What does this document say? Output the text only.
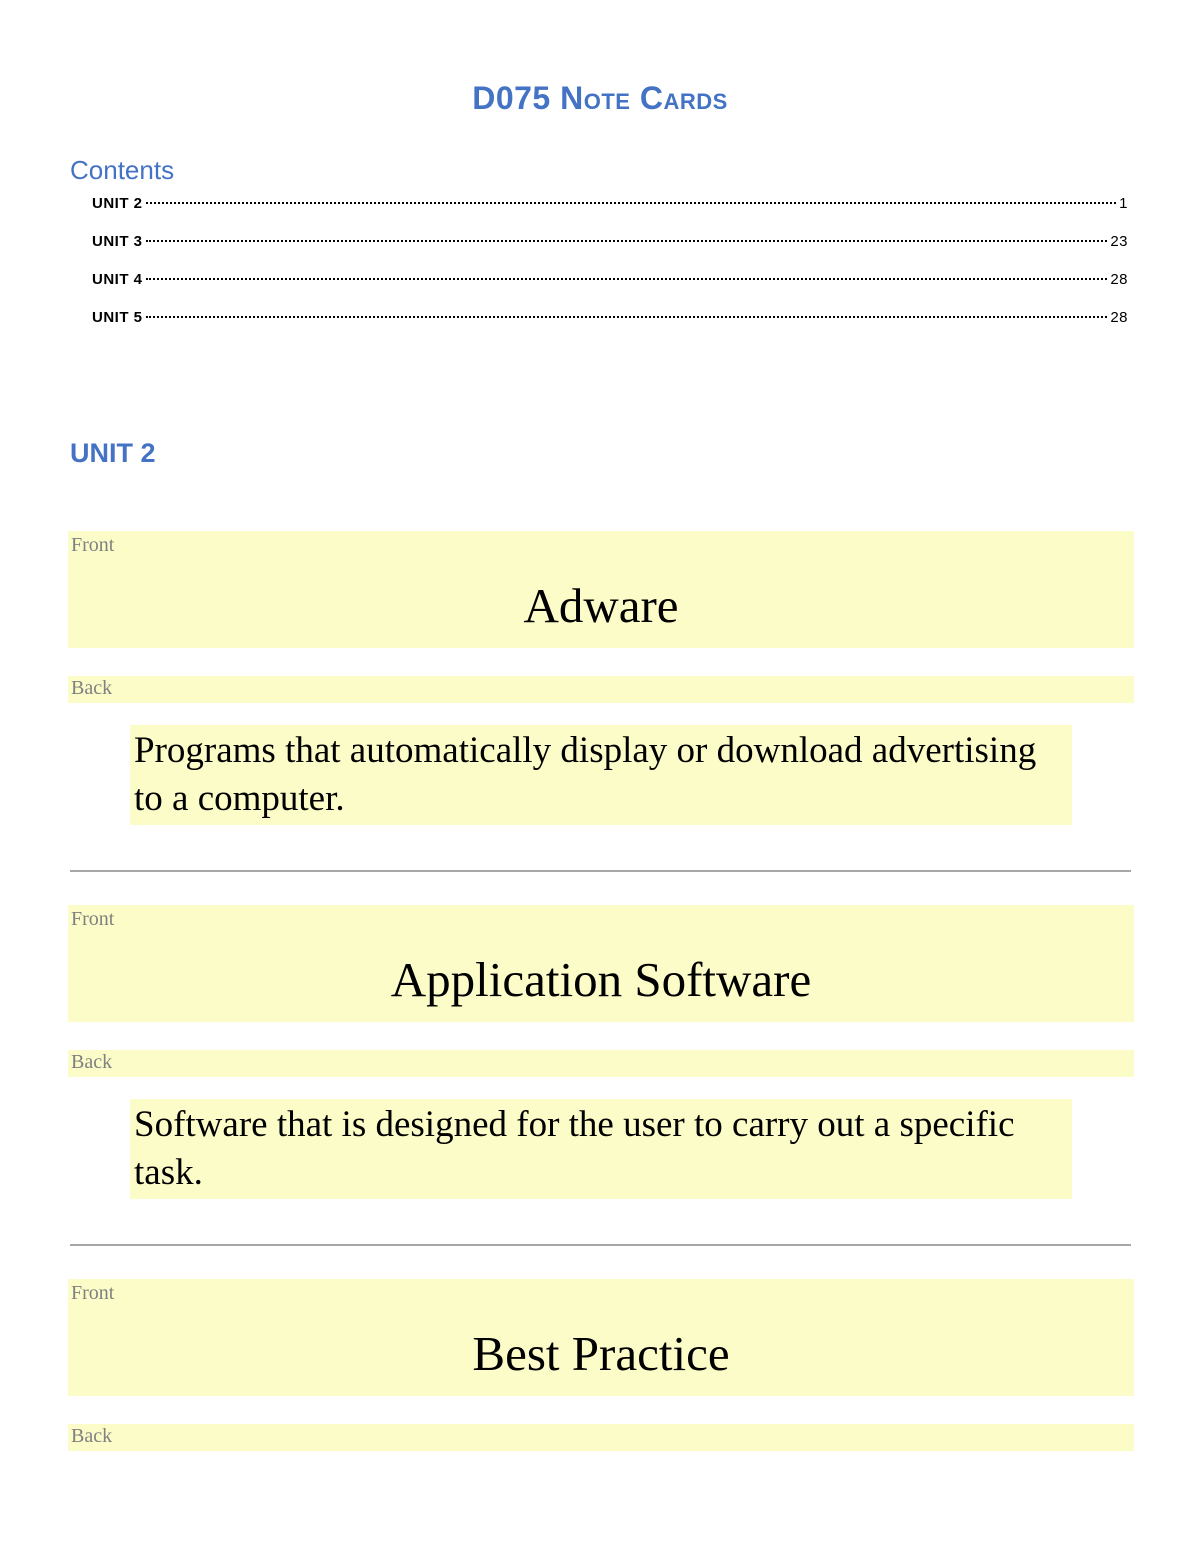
D075 Note Cards
Contents
UNIT 2	1
UNIT 3	23
UNIT 4	28
UNIT 5	28
UNIT 2
Front
Adware
Back
Programs that automatically display or download advertising to a computer.
Front
Application Software
Back
Software that is designed for the user to carry out a specific task.
Front
Best Practice
Back
